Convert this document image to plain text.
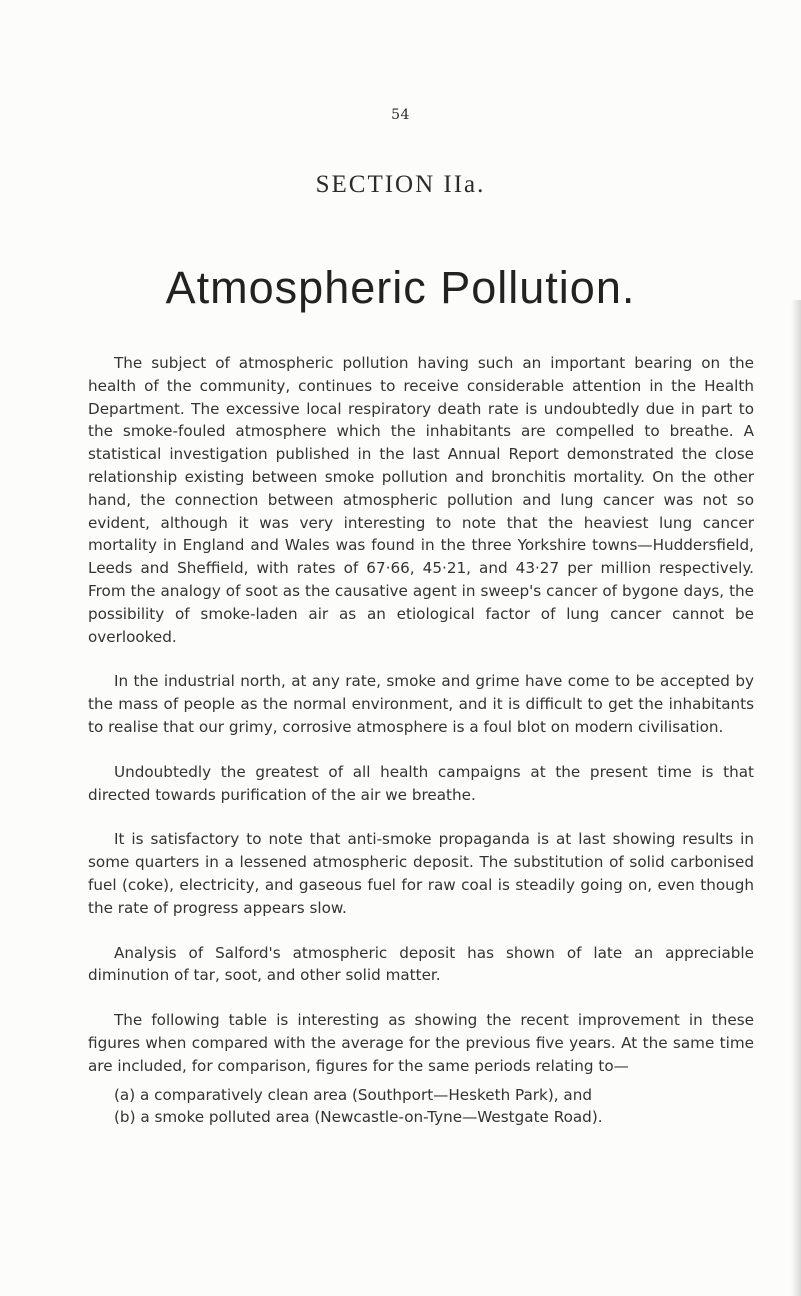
54
SECTION IIa.
Atmospheric Pollution.

The subject of atmospheric pollution having such an important bearing on the health of the community, continues to receive considerable attention in the Health Department. The excessive local respiratory death rate is undoubtedly due in part to the smoke-fouled atmosphere which the inhabitants are compelled to breathe. A statistical investigation published in the last Annual Report demonstrated the close relationship existing between smoke pollution and bronchitis mortality. On the other hand, the connection between atmospheric pollution and lung cancer was not so evident, although it was very interesting to note that the heaviest lung cancer mortality in England and Wales was found in the three Yorkshire towns—Huddersfield, Leeds and Sheffield, with rates of 67·66, 45·21, and 43·27 per million respectively. From the analogy of soot as the causative agent in sweep's cancer of bygone days, the possibility of smoke-laden air as an etiological factor of lung cancer cannot be overlooked.

In the industrial north, at any rate, smoke and grime have come to be accepted by the mass of people as the normal environment, and it is difficult to get the inhabitants to realise that our grimy, corrosive atmosphere is a foul blot on modern civilisation.

Undoubtedly the greatest of all health campaigns at the present time is that directed towards purification of the air we breathe.

It is satisfactory to note that anti-smoke propaganda is at last showing results in some quarters in a lessened atmospheric deposit. The substitution of solid carbonised fuel (coke), electricity, and gaseous fuel for raw coal is steadily going on, even though the rate of progress appears slow.

Analysis of Salford's atmospheric deposit has shown of late an appreciable diminution of tar, soot, and other solid matter.

The following table is interesting as showing the recent improvement in these figures when compared with the average for the previous five years. At the same time are included, for comparison, figures for the same periods relating to—

(a) a comparatively clean area (Southport—Hesketh Park), and

(b) a smoke polluted area (Newcastle-on-Tyne—Westgate Road).
